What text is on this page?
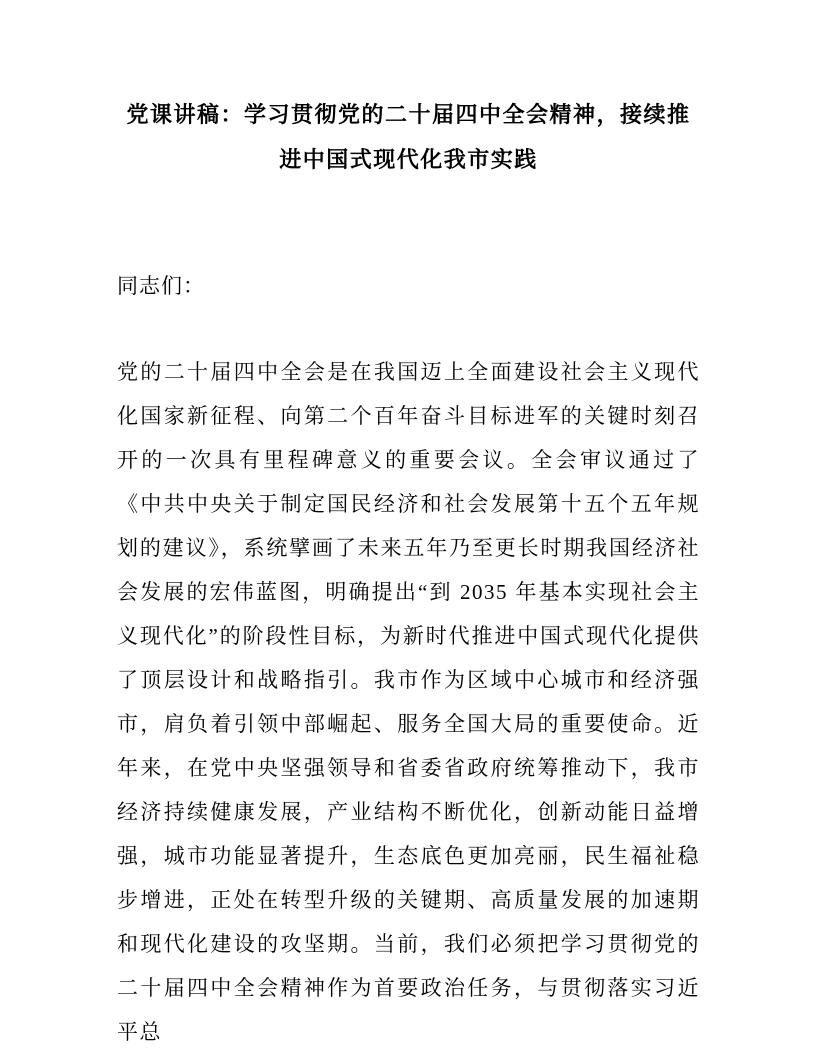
党课讲稿：学习贯彻党的二十届四中全会精神，接续推进中国式现代化我市实践

同志们：

党的二十届四中全会是在我国迈上全面建设社会主义现代化国家新征程、向第二个百年奋斗目标进军的关键时刻召开的一次具有里程碑意义的重要会议。全会审议通过了《中共中央关于制定国民经济和社会发展第十五个五年规划的建议》，系统擘画了未来五年乃至更长时期我国经济社会发展的宏伟蓝图，明确提出“到 2035 年基本实现社会主义现代化”的阶段性目标，为新时代推进中国式现代化提供了顶层设计和战略指引。我市作为区域中心城市和经济强市，肩负着引领中部崛起、服务全国大局的重要使命。近年来，在党中央坚强领导和省委省政府统筹推动下，我市经济持续健康发展，产业结构不断优化，创新动能日益增强，城市功能显著提升，生态底色更加亮丽，民生福祉稳步增进，正处在转型升级的关键期、高质量发展的加速期和现代化建设的攻坚期。当前，我们必须把学习贯彻党的二十届四中全会精神作为首要政治任务，与贯彻落实习近平总
